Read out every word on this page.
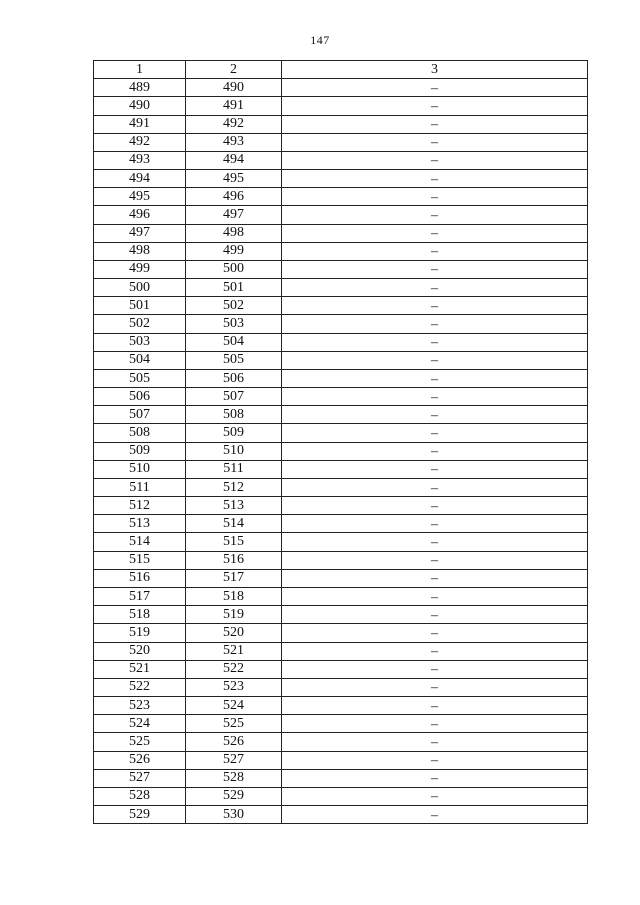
147
1	2	3
489	490	–
490	491	–
491	492	–
492	493	–
493	494	–
494	495	–
495	496	–
496	497	–
497	498	–
498	499	–
499	500	–
500	501	–
501	502	–
502	503	–
503	504	–
504	505	–
505	506	–
506	507	–
507	508	–
508	509	–
509	510	–
510	511	–
511	512	–
512	513	–
513	514	–
514	515	–
515	516	–
516	517	–
517	518	–
518	519	–
519	520	–
520	521	–
521	522	–
522	523	–
523	524	–
524	525	–
525	526	–
526	527	–
527	528	–
528	529	–
529	530	–
